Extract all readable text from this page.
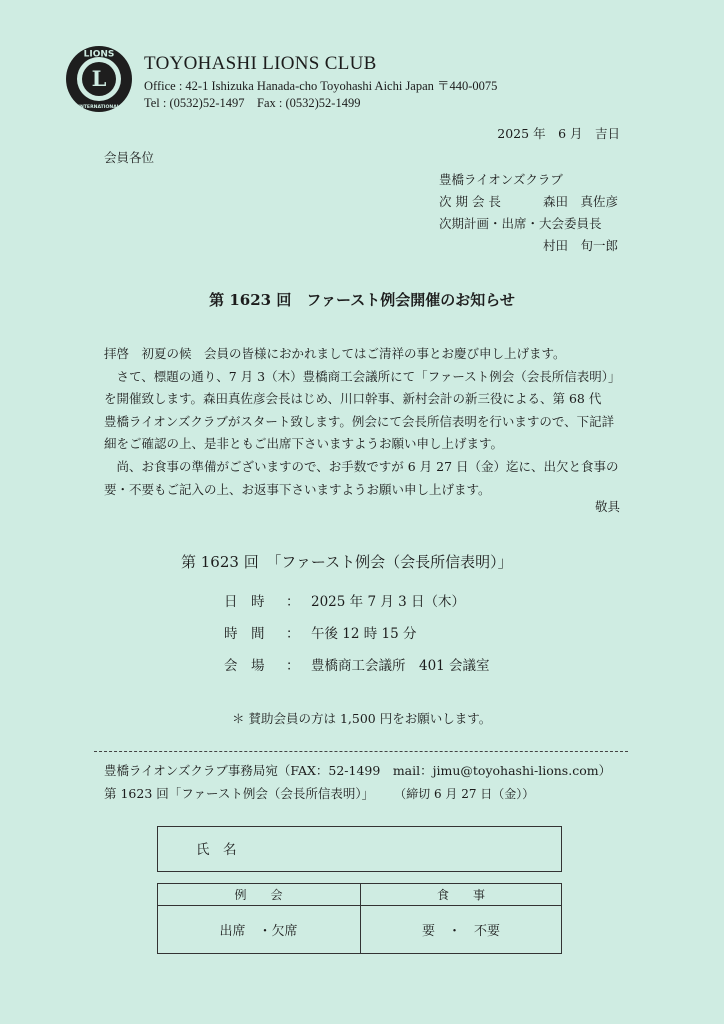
LIONS
L
INTERNATIONAL
TOYOHASHI LIONS CLUB
Office : 42-1 Ishizuka Hanada-cho Toyohashi Aichi Japan 〒440-0075
Tel : (0532)52-1497　Fax : (0532)52-1499
2025 年　6 月　吉日
会員各位
豊橋ライオンズクラブ
次 期 会 長	森田　真佐彦
次期計画・出席・大会委員長
村田　旬一郎
第 1623 回　ファースト例会開催のお知らせ

拝啓　初夏の候　会員の皆様におかれましてはご清祥の事とお慶び申し上げます。

　さて、標題の通り、7 月 3（木）豊橋商工会議所にて「ファースト例会（会長所信表明）」

を開催致します。森田真佐彦会長はじめ、川口幹事、新村会計の新三役による、第 68 代

豊橋ライオンズクラブがスタート致します。例会にて会長所信表明を行いますので、下記詳

細をご確認の上、是非ともご出席下さいますようお願い申し上げます。

　尚、お食事の準備がございますので、お手数ですが 6 月 27 日（金）迄に、出欠と食事の

要・不要もご記入の上、お返事下さいますようお願い申し上げます。

敬具
第 1623 回　「ファースト例会（会長所信表明）」
日　時 ： 2025 年 7 月 3 日（木）
時　間 ： 午後 12 時 15 分
会　場 ： 豊橋商工会議所　401 会議室
＊ 賛助会員の方は 1,500 円をお願いします。
豊橋ライオンズクラブ事務局宛（FAX：52-1499　mail：jimu@toyohashi-lions.com）
第 1623 回「ファースト例会（会長所信表明）」 （締切 6 月 27 日（金））
氏　名
例　　会	食　　事
出席　・欠席	要　・　不要
